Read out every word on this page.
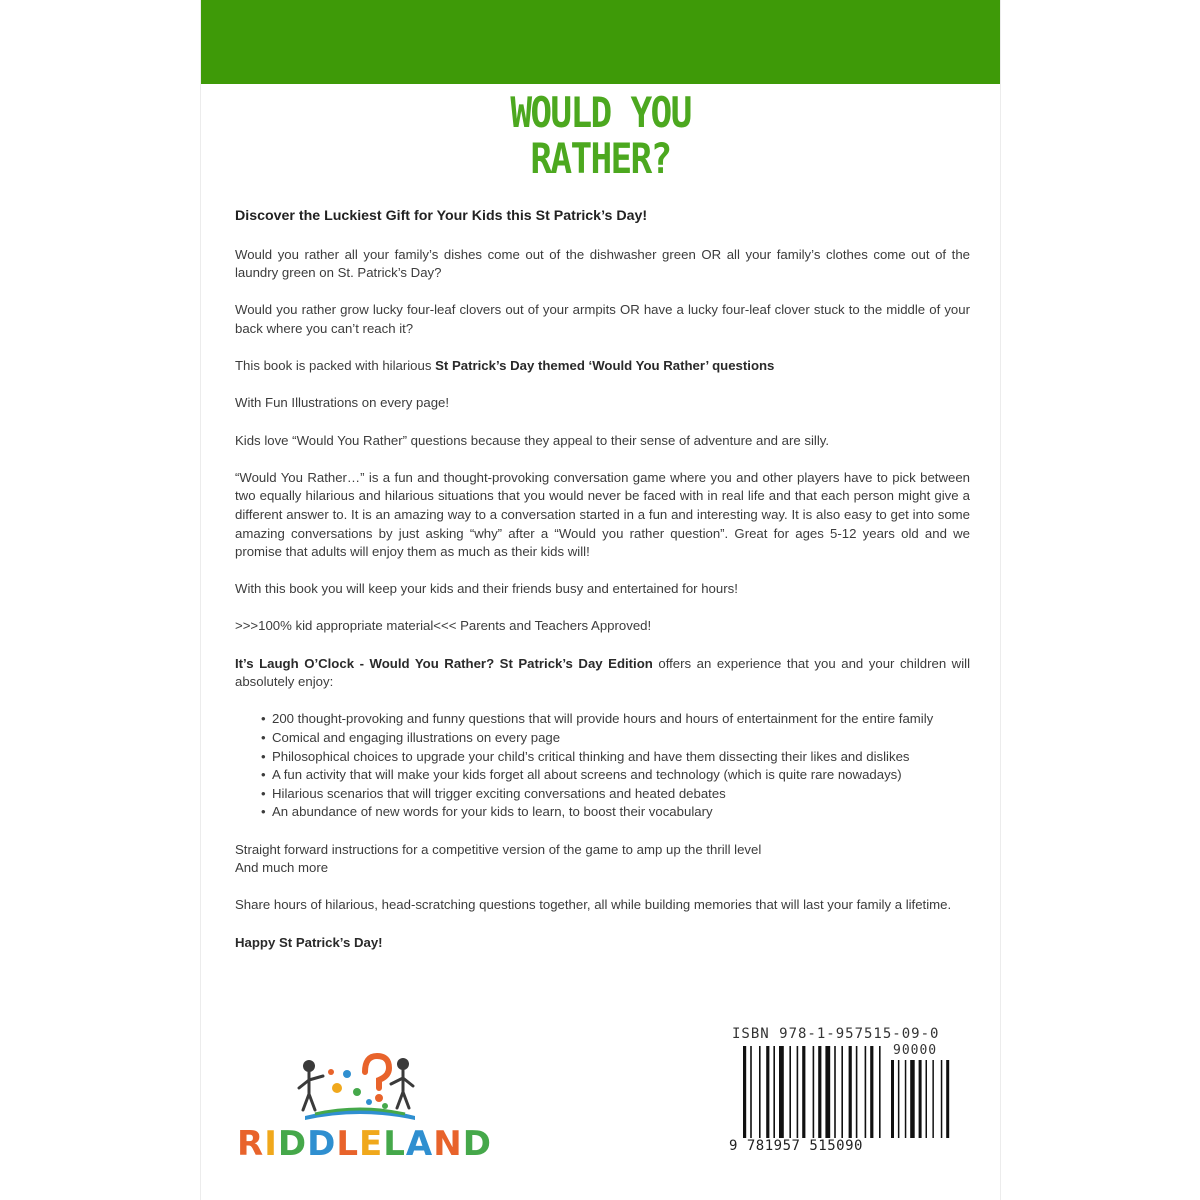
WOULD YOU
RATHER?

Discover the Luckiest Gift for Your Kids this St Patrick’s Day!

Would you rather all your family’s dishes come out of the dishwasher green OR all your family’s clothes come out of the laundry green on St. Patrick’s Day?

Would you rather grow lucky four-leaf clovers out of your armpits OR have a lucky four-leaf clover stuck to the middle of your back where you can’t reach it?

This book is packed with hilarious St Patrick’s Day themed ‘Would You Rather’ questions

With Fun Illustrations on every page!

Kids love “Would You Rather” questions because they appeal to their sense of adventure and are silly.

“Would You Rather…” is a fun and thought-provoking conversation game where you and other players have to pick between two equally hilarious and hilarious situations that you would never be faced with in real life and that each person might give a different answer to. It is an amazing way to a conversation started in a fun and interesting way. It is also easy to get into some amazing conversations by just asking “why” after a “Would you rather question”. Great for ages 5-12 years old and we promise that adults will enjoy them as much as their kids will!

With this book you will keep your kids and their friends busy and entertained for hours!

>>>100% kid appropriate material<<< Parents and Teachers Approved!

It’s Laugh O’Clock - Would You Rather? St Patrick’s Day Edition offers an experience that you and your children will absolutely enjoy:

• 200 thought-provoking and funny questions that will provide hours and hours of entertainment for the entire family
• Comical and engaging illustrations on every page
• Philosophical choices to upgrade your child’s critical thinking and have them dissecting their likes and dislikes
• A fun activity that will make your kids forget all about screens and technology (which is quite rare nowadays)
• Hilarious scenarios that will trigger exciting conversations and heated debates
• An abundance of new words for your kids to learn, to boost their vocabulary

Straight forward instructions for a competitive version of the game to amp up the thrill level

And much more

Share hours of hilarious, head-scratching questions together, all while building memories that will last your family a lifetime.

Happy St Patrick’s Day!

RIDDLELAND
ISBN 978-1-957515-09-0
90000
9 781957 515090
